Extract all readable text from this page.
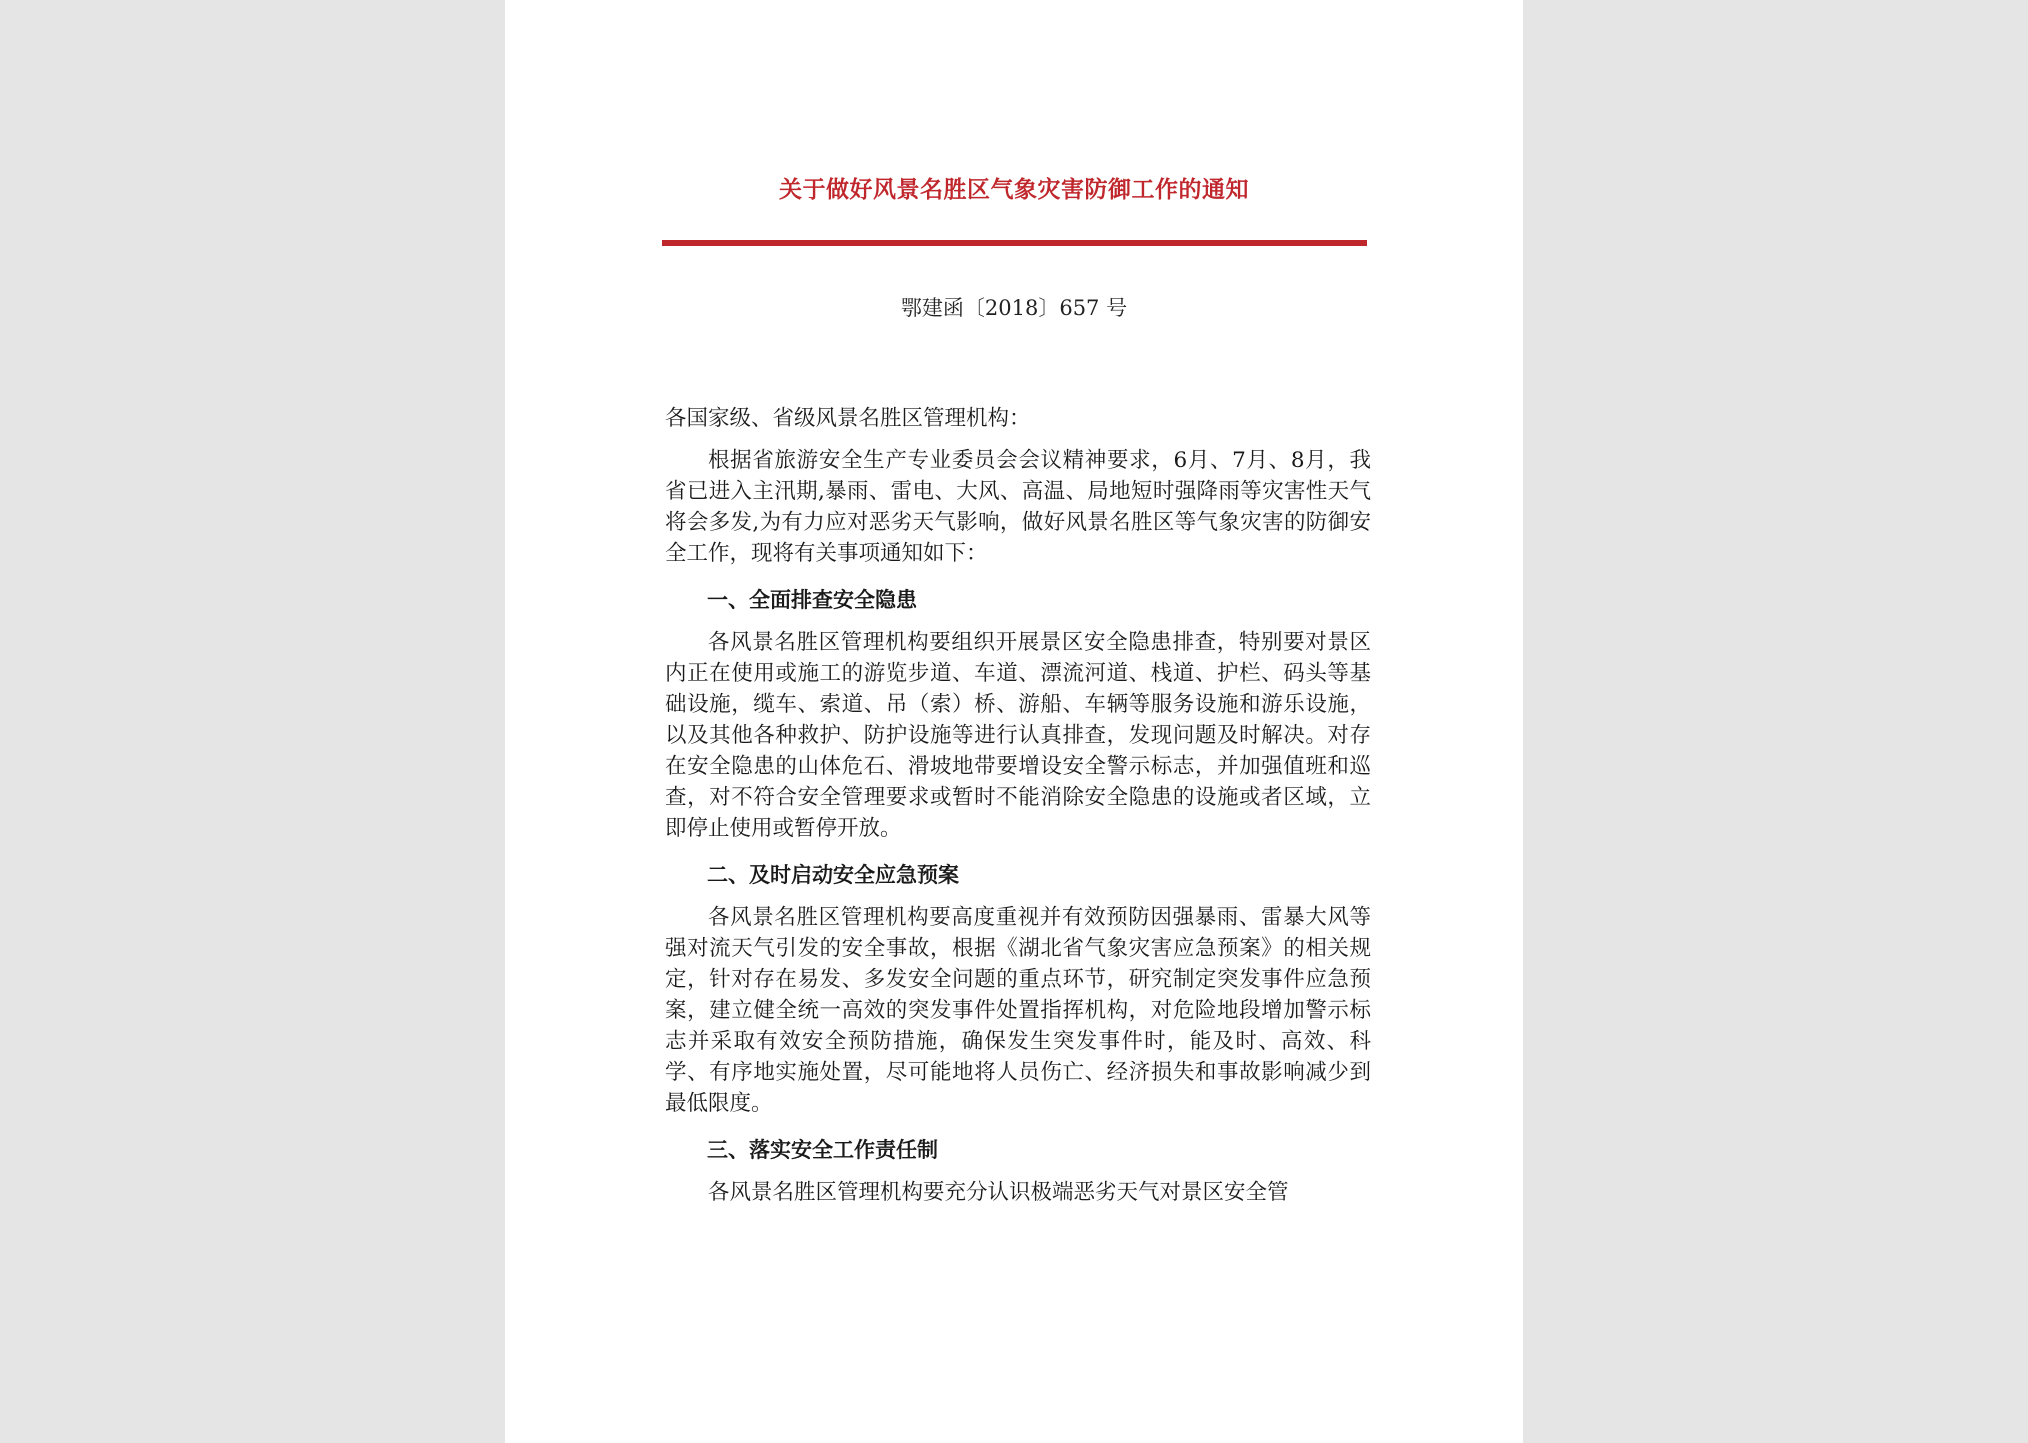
关于做好风景名胜区气象灾害防御工作的通知
鄂建函〔2018〕657 号

各国家级、省级风景名胜区管理机构：

根据省旅游安全生产专业委员会会议精神要求，6月、7月、8月，我省已进入主汛期,暴雨、雷电、大风、高温、局地短时强降雨等灾害性天气将会多发,为有力应对恶劣天气影响，做好风景名胜区等气象灾害的防御安全工作，现将有关事项通知如下：

一、全面排查安全隐患

各风景名胜区管理机构要组织开展景区安全隐患排查，特别要对景区内正在使用或施工的游览步道、车道、漂流河道、栈道、护栏、码头等基础设施，缆车、索道、吊（索）桥、游船、车辆等服务设施和游乐设施，以及其他各种救护、防护设施等进行认真排查，发现问题及时解决。对存在安全隐患的山体危石、滑坡地带要增设安全警示标志，并加强值班和巡查，对不符合安全管理要求或暂时不能消除安全隐患的设施或者区域，立即停止使用或暂停开放。

二、及时启动安全应急预案

各风景名胜区管理机构要高度重视并有效预防因强暴雨、雷暴大风等强对流天气引发的安全事故，根据《湖北省气象灾害应急预案》的相关规定，针对存在易发、多发安全问题的重点环节，研究制定突发事件应急预案，建立健全统一高效的突发事件处置指挥机构，对危险地段增加警示标志并采取有效安全预防措施，确保发生突发事件时，能及时、高效、科学、有序地实施处置，尽可能地将人员伤亡、经济损失和事故影响减少到最低限度。

三、落实安全工作责任制

各风景名胜区管理机构要充分认识极端恶劣天气对景区安全管
